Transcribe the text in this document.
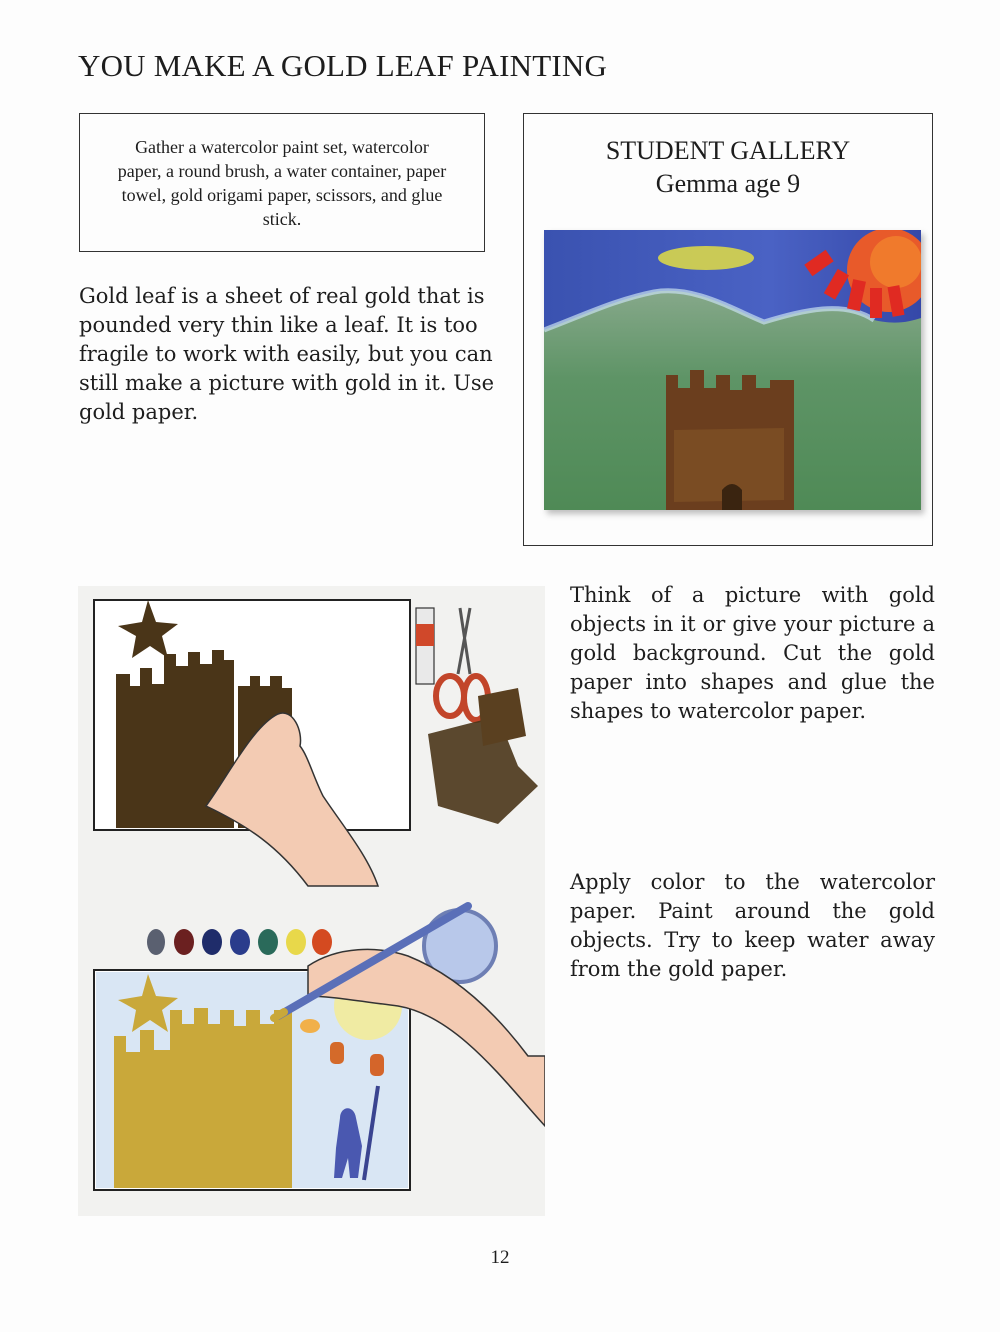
YOU MAKE A GOLD LEAF PAINTING
Gather a watercolor paint set, watercolor paper, a round brush, a water container, paper towel, gold origami paper, scissors, and glue stick.

Gold leaf is a sheet of real gold that is pounded very thin like a leaf. It is too fragile to work with easily, but you can still make a picture with gold in it. Use gold paper.

STUDENT GALLERY
Gemma age 9

Think of a picture with gold objects in it or give your picture a gold background. Cut the gold paper into shapes and glue the shapes to watercolor paper.

Apply color to the watercolor paper. Paint around the gold objects. Try to keep water away from the gold paper.

12
